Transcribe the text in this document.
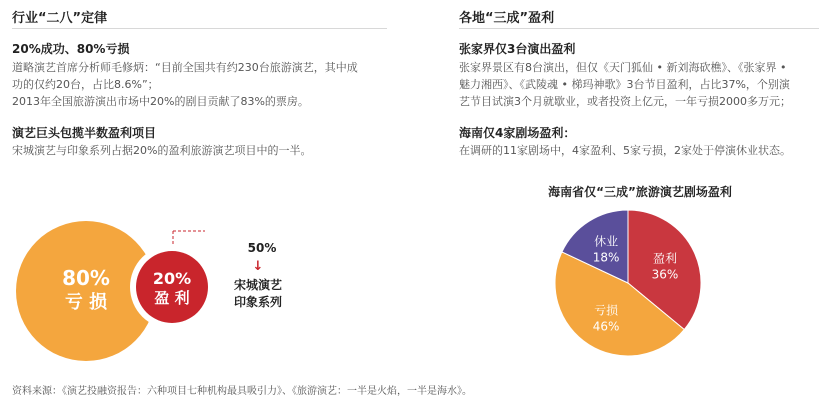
行业“二八”定律
20%成功、80%亏损
道略演艺首席分析师毛修炳：“目前全国共有约230台旅游演艺，其中成
功的仅约20台，占比8.6%”；
2013年全国旅游演出市场中20%的剧目贡献了83%的票房。
演艺巨头包揽半数盈利项目
宋城演艺与印象系列占据20%的盈利旅游演艺项目中的一半。
80%
亏 损
20%
盈 利
50%
↓
宋城演艺
印象系列
各地“三成”盈利
张家界仅3台演出盈利
张家界景区有8台演出，但仅《天门狐仙 • 新刘海砍樵》、《张家界 •
魅力湘西》、《武陵魂 • 梯玛神歌》3台节目盈利，占比37%，个别演
艺节目试演3个月就歇业，或者投资上亿元，一年亏损2000多万元；
海南仅4家剧场盈利：
在调研的11家剧场中，4家盈利、5家亏损，2家处于停演休业状态。
海南省仅“三成”旅游演艺剧场盈利
盈利
36%
亏损
46%
休业
18%
资料来源：《演艺投融资报告：六种项目七种机构最具吸引力》、《旅游演艺：一半是火焰，一半是海水》。
